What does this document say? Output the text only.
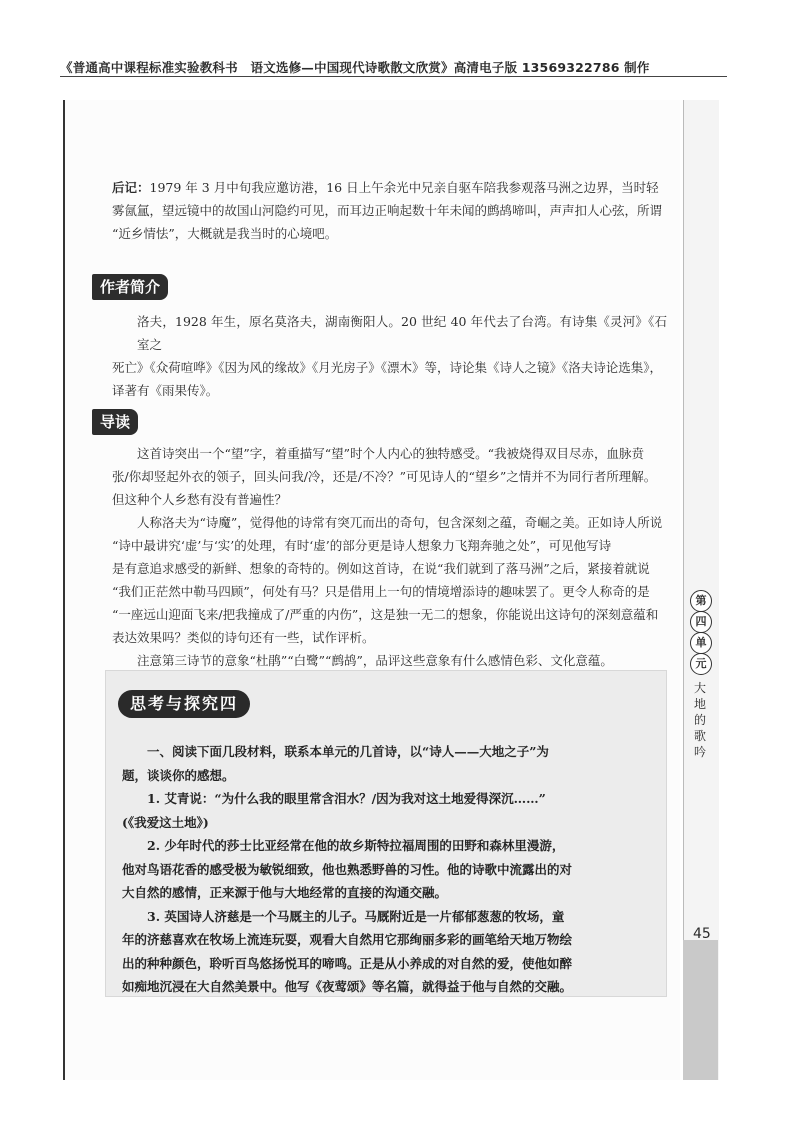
《普通高中课程标准实验教科书　语文选修—中国现代诗歌散文欣赏》高清电子版 13569322786 制作
后记：1979 年 3 月中旬我应邀访港，16 日上午余光中兄亲自驱车陪我参观落马洲之边界，当时轻
雾氤氲，望远镜中的故国山河隐约可见，而耳边正响起数十年未闻的鹧鸪啼叫，声声扣人心弦，所谓
“近乡情怯”，大概就是我当时的心境吧。
作者简介
洛夫，1928 年生，原名莫洛夫，湖南衡阳人。20 世纪 40 年代去了台湾。有诗集《灵河》《石室之
死亡》《众荷喧哗》《因为风的缘故》《月光房子》《漂木》等，诗论集《诗人之镜》《洛夫诗论选集》，
译著有《雨果传》。
导读
这首诗突出一个“望”字，着重描写“望”时个人内心的独特感受。“我被烧得双目尽赤，血脉贲
张/你却竖起外衣的领子，回头问我/冷，还是/不冷？”可见诗人的“望乡”之情并不为同行者所理解。
但这种个人乡愁有没有普遍性？
人称洛夫为“诗魔”，觉得他的诗常有突兀而出的奇句，包含深刻之蕴，奇崛之美。正如诗人所说
“诗中最讲究‘虚’与‘实’的处理，有时‘虚’的部分更是诗人想象力飞翔奔驰之处”，可见他写诗
是有意追求感受的新鲜、想象的奇特的。例如这首诗，在说“我们就到了落马洲”之后，紧接着就说
“我们正茫然中勒马四顾”，何处有马？只是借用上一句的情境增添诗的趣味罢了。更令人称奇的是
“一座远山迎面飞来/把我撞成了/严重的内伤”，这是独一无二的想象，你能说出这诗句的深刻意蕴和
表达效果吗？类似的诗句还有一些，试作评析。
注意第三诗节的意象“杜鹃”“白鹭”“鹧鸪”，品评这些意象有什么感情色彩、文化意蕴。
思考与探究四
一、阅读下面几段材料，联系本单元的几首诗，以“诗人——大地之子”为
题，谈谈你的感想。
1. 艾青说：“为什么我的眼里常含泪水？/因为我对这土地爱得深沉……”
(《我爱这土地》)
2. 少年时代的莎士比亚经常在他的故乡斯特拉福周围的田野和森林里漫游，
他对鸟语花香的感受极为敏锐细致，他也熟悉野兽的习性。他的诗歌中流露出的对
大自然的感情，正来源于他与大地经常的直接的沟通交融。
3. 英国诗人济慈是一个马厩主的儿子。马厩附近是一片郁郁葱葱的牧场，童
年的济慈喜欢在牧场上流连玩耍，观看大自然用它那绚丽多彩的画笔给天地万物绘
出的种种颜色，聆听百鸟悠扬悦耳的啼鸣。正是从小养成的对自然的爱，使他如醉
如痴地沉浸在大自然美景中。他写《夜莺颂》等名篇，就得益于他与自然的交融。
第
四
单
元
大
地
的
歌
吟
45
